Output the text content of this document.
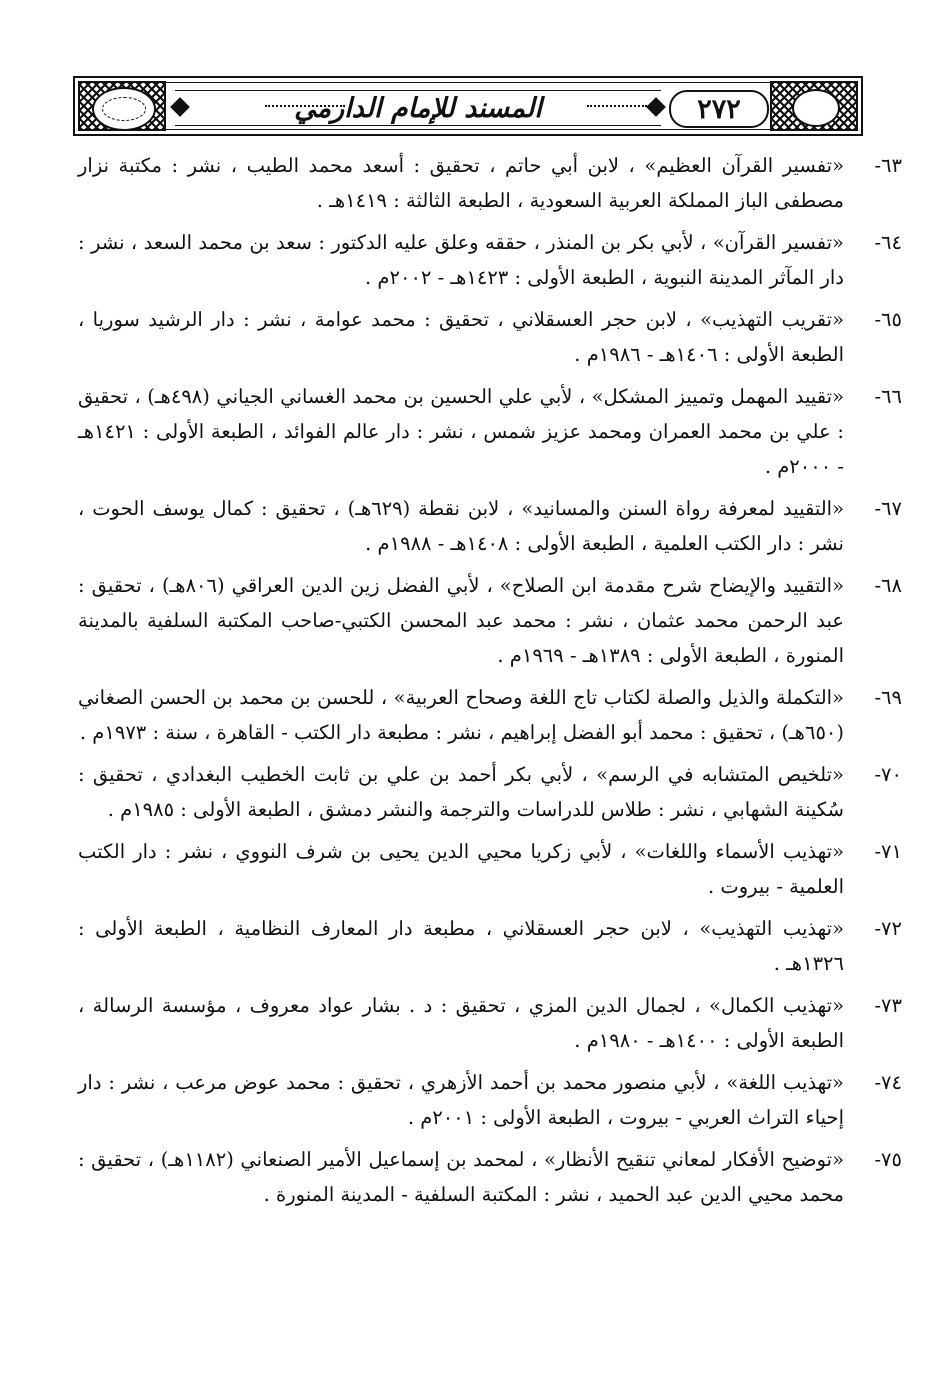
٢٧٢
المسند للإمام الدارمي
٦٣-
«تفسير القرآن العظيم» ، لابن أبي حاتم ، تحقيق : أسعد محمد الطيب ، نشر : مكتبة نزار مصطفى الباز المملكة العربية السعودية ، الطبعة الثالثة : ١٤١٩هـ .
٦٤-
«تفسير القرآن» ، لأبي بكر بن المنذر ، حققه وعلق عليه الدكتور : سعد بن محمد السعد ، نشر : دار المآثر المدينة النبوية ، الطبعة الأولى : ١٤٢٣هـ - ٢٠٠٢م .
٦٥-
«تقريب التهذيب» ، لابن حجر العسقلاني ، تحقيق : محمد عوامة ، نشر : دار الرشيد سوريا ، الطبعة الأولى : ١٤٠٦هـ - ١٩٨٦م .
٦٦-
«تقييد المهمل وتمييز المشكل» ، لأبي علي الحسين بن محمد الغساني الجياني (٤٩٨هـ) ، تحقيق : علي بن محمد العمران ومحمد عزيز شمس ، نشر : دار عالم الفوائد ، الطبعة الأولى : ١٤٢١هـ - ٢٠٠٠م .
٦٧-
«التقييد لمعرفة رواة السنن والمسانيد» ، لابن نقطة (٦٢٩هـ) ، تحقيق : كمال يوسف الحوت ، نشر : دار الكتب العلمية ، الطبعة الأولى : ١٤٠٨هـ - ١٩٨٨م .
٦٨-
«التقييد والإيضاح شرح مقدمة ابن الصلاح» ، لأبي الفضل زين الدين العراقي (٨٠٦هـ) ، تحقيق : عبد الرحمن محمد عثمان ، نشر : محمد عبد المحسن الكتبي-صاحب المكتبة السلفية بالمدينة المنورة ، الطبعة الأولى : ١٣٨٩هـ - ١٩٦٩م .
٦٩-
«التكملة والذيل والصلة لكتاب تاج اللغة وصحاح العربية» ، للحسن بن محمد بن الحسن الصغاني (٦٥٠هـ) ، تحقيق : محمد أبو الفضل إبراهيم ، نشر : مطبعة دار الكتب - القاهرة ، سنة : ١٩٧٣م .
٧٠-
«تلخيص المتشابه في الرسم» ، لأبي بكر أحمد بن علي بن ثابت الخطيب البغدادي ، تحقيق : سُكينة الشهابي ، نشر : طلاس للدراسات والترجمة والنشر دمشق ، الطبعة الأولى : ١٩٨٥م .
٧١-
«تهذيب الأسماء واللغات» ، لأبي زكريا محيي الدين يحيى بن شرف النووي ، نشر : دار الكتب العلمية - بيروت .
٧٢-
«تهذيب التهذيب» ، لابن حجر العسقلاني ، مطبعة دار المعارف النظامية ، الطبعة الأولى : ١٣٢٦هـ .
٧٣-
«تهذيب الكمال» ، لجمال الدين المزي ، تحقيق : د . بشار عواد معروف ، مؤسسة الرسالة ، الطبعة الأولى : ١٤٠٠هـ - ١٩٨٠م .
٧٤-
«تهذيب اللغة» ، لأبي منصور محمد بن أحمد الأزهري ، تحقيق : محمد عوض مرعب ، نشر : دار إحياء التراث العربي - بيروت ، الطبعة الأولى : ٢٠٠١م .
٧٥-
«توضيح الأفكار لمعاني تنقيح الأنظار» ، لمحمد بن إسماعيل الأمير الصنعاني (١١٨٢هـ) ، تحقيق : محمد محيي الدين عبد الحميد ، نشر : المكتبة السلفية - المدينة المنورة .
